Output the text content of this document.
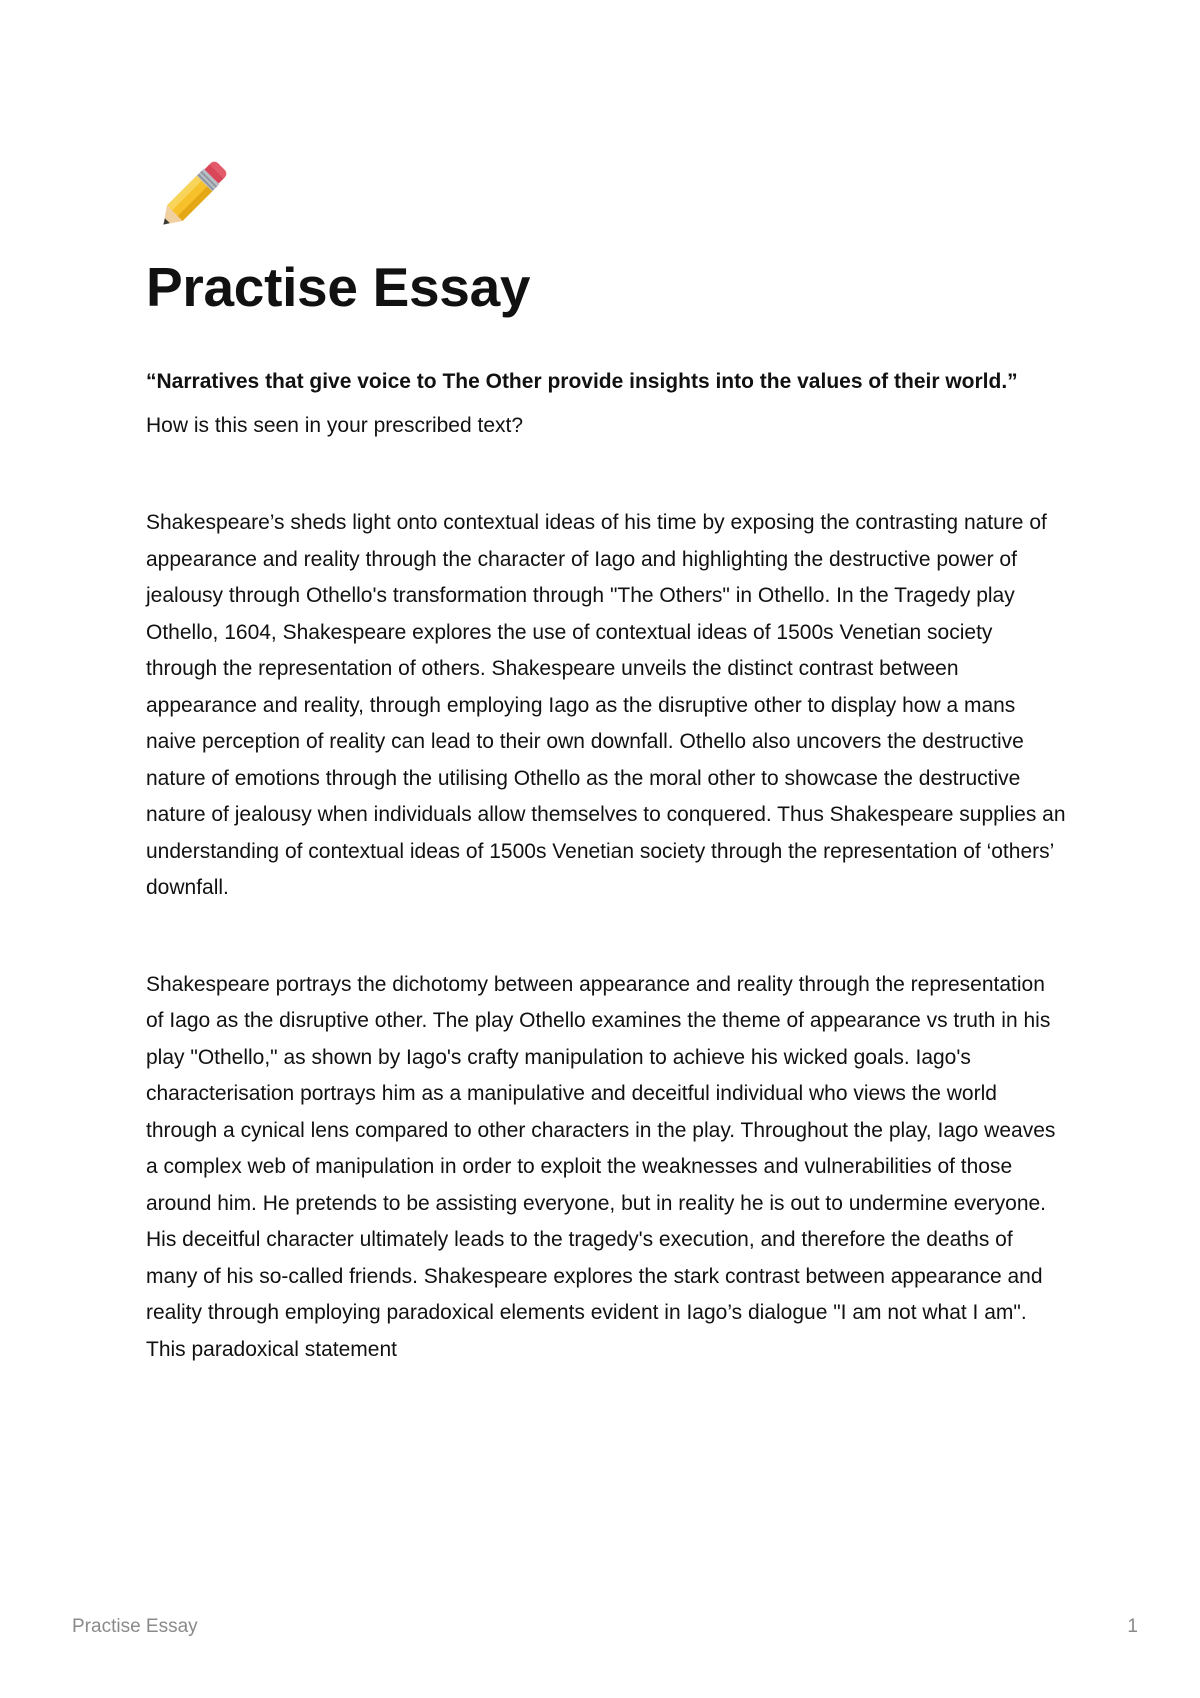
Practise Essay

“Narratives that give voice to The Other provide insights into the values of their world.”

How is this seen in your prescribed text?

Shakespeare’s sheds light onto contextual ideas of his time by exposing the contrasting nature of appearance and reality through the character of Iago and highlighting the destructive power of jealousy through Othello's transformation through "The Others" in Othello. In the Tragedy play Othello, 1604, Shakespeare explores the use of contextual ideas of 1500s Venetian society through the representation of others. Shakespeare unveils the distinct contrast between appearance and reality, through employing Iago as the disruptive other to display how a mans naive perception of reality can lead to their own downfall. Othello also uncovers the destructive nature of emotions through the utilising Othello as the moral other to showcase the destructive nature of jealousy when individuals allow themselves to conquered. Thus Shakespeare supplies an understanding of contextual ideas of 1500s Venetian society through the representation of ‘others’ downfall.

Shakespeare portrays the dichotomy between appearance and reality through the representation of Iago as the disruptive other. The play Othello examines the theme of appearance vs truth in his play "Othello," as shown by Iago's crafty manipulation to achieve his wicked goals. Iago's characterisation portrays him as a manipulative and deceitful individual who views the world through a cynical lens compared to other characters in the play. Throughout the play, Iago weaves a complex web of manipulation in order to exploit the weaknesses and vulnerabilities of those around him. He pretends to be assisting everyone, but in reality he is out to undermine everyone. His deceitful character ultimately leads to the tragedy's execution, and therefore the deaths of many of his so-called friends. Shakespeare explores the stark contrast between appearance and reality through employing paradoxical elements evident in Iago’s dialogue "I am not what I am". This paradoxical statement

Practise Essay	1
